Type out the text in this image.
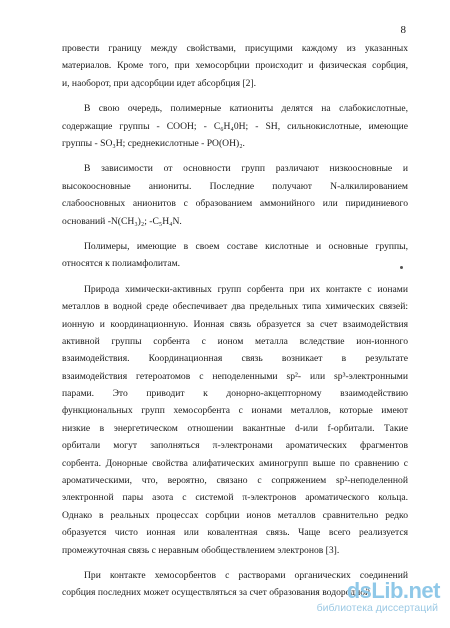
8
провести границу между свойствами, присущими каждому из указанных
материалов. Кроме того, при хемосорбции происходит и физическая сорбция,
и, наоборот, при адсорбции идет абсорбция [2].
В свою очередь, полимерные катиониты делятся на слабокислотные,
содержащие группы - COOH; - C₆H₄0H; - SH, сильнокислотные, имеющие
группы - SO₃H; среднекислотные - PO(OH)₂.
В зависимости от основности групп различают низкоосновные и
высокоосновные аниониты. Последние получают N-алкилированием
слабоосновных анионитов с образованием аммонийного или пиридиниевого
оснований -N(CH₃)₂; -C₅H₄N.
Полимеры, имеющие в своем составе кислотные и основные группы,
относятся к полиамфолитам.
Природа химически-активных групп сорбента при их контакте с ионами
металлов в водной среде обеспечивает два предельных типа химических связей:
ионную и координационную. Ионная связь образуется за счет взаимодействия
активной группы сорбента с ионом металла вследствие ион-ионного
взаимодействия. Координационная связь возникает в результате
взаимодействия гетероатомов с неподеленными sp²- или sp³-электронными
парами. Это приводит к донорно-акцепторному взаимодействию
функциональных групп хемосорбента с ионами металлов, которые имеют
низкие в энергетическом отношении вакантные d-или f-орбитали. Такие
орбитали могут заполняться π-электронами ароматических фрагментов
сорбента. Донорные свойства алифатических аминогрупп выше по сравнению с
ароматическими, что, вероятно, связано с сопряжением sp²-неподеленной
электронной пары азота с системой π-электронов ароматического кольца.
Однако в реальных процессах сорбции ионов металлов сравнительно редко
образуется чисто ионная или ковалентная связь. Чаще всего реализуется
промежуточная связь с неравным обобществлением электронов [3].
При контакте хемосорбентов с растворами органических соединений
сорбция последних может осуществляться за счет образования водородной
dsLib.net
библиотека диссертаций
